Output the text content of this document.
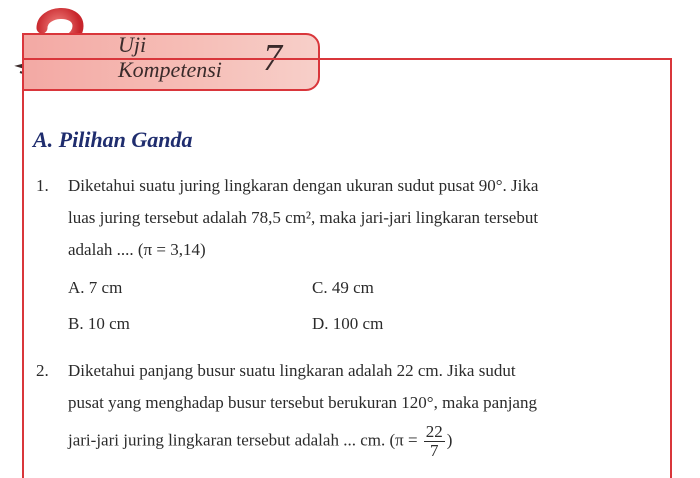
Uji
Kompetensi 7
A. Pilihan Ganda
1. Diketahui suatu juring lingkaran dengan ukuran sudut pusat 90°. Jika
luas juring tersebut adalah 78,5 cm², maka jari-jari lingkaran tersebut
adalah .... (π = 3,14)
A. 7 cm	C. 49 cm
B. 10 cm	D. 100 cm
2. Diketahui panjang busur suatu lingkaran adalah 22 cm. Jika sudut
pusat yang menghadap busur tersebut berukuran 120°, maka panjang
jari-jari juring lingkaran tersebut adalah ... cm. ($\pi = \frac{22}{7}$ )
